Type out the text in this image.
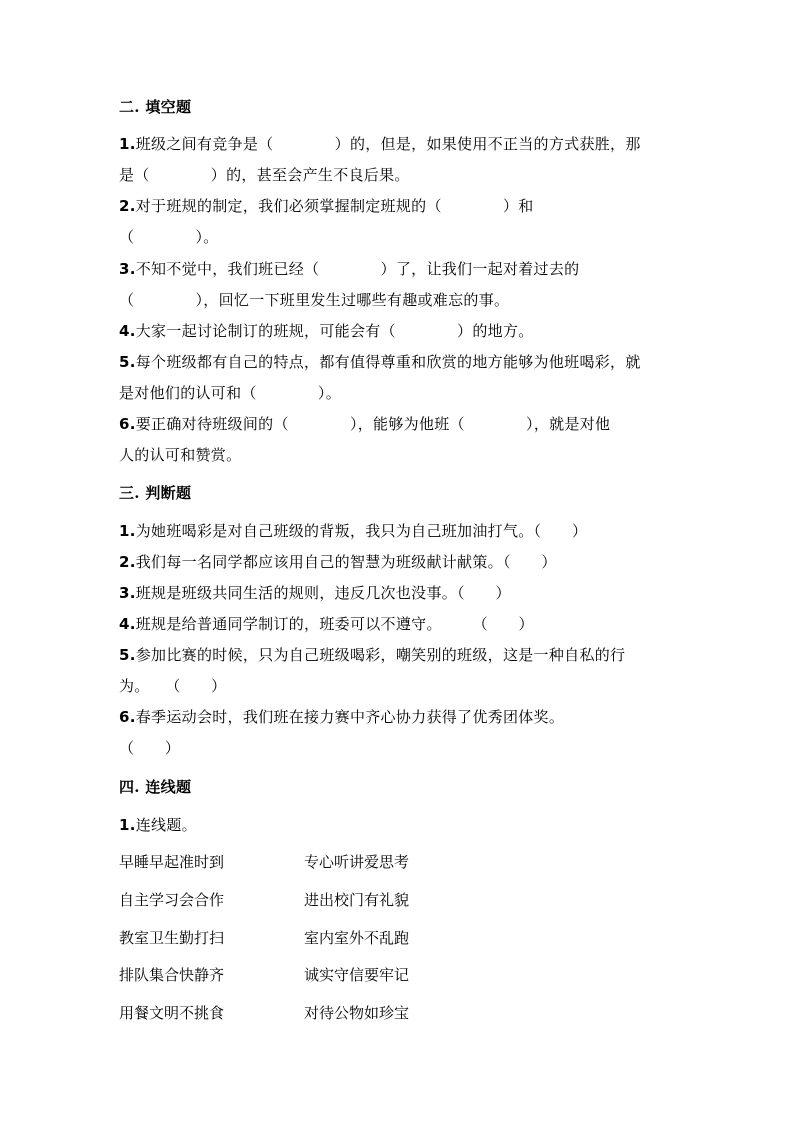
二. 填空题
1.班级之间有竞争是（　　　　）的，但是，如果使用不正当的方式获胜，那
是（　　　　）的，甚至会产生不良后果。
2.对于班规的制定，我们必须掌握制定班规的（　　　　）和
（　　　　）。
3.不知不觉中，我们班已经（　　　　）了，让我们一起对着过去的
（　　　　），回忆一下班里发生过哪些有趣或难忘的事。
4.大家一起讨论制订的班规，可能会有（　　　　）的地方。
5.每个班级都有自己的特点，都有值得尊重和欣赏的地方能够为他班喝彩，就
是对他们的认可和（　　　　）。
6.要正确对待班级间的（　　　　），能够为他班（　　　　），就是对他
人的认可和赞赏。
三. 判断题
1.为她班喝彩是对自己班级的背叛，我只为自己班加油打气。（　　）
2.我们每一名同学都应该用自己的智慧为班级献计献策。（　　）
3.班规是班级共同生活的规则，违反几次也没事。（　　）
4.班规是给普通同学制订的，班委可以不遵守。　　　（　　）
5.参加比赛的时候，只为自己班级喝彩，嘲笑别的班级，这是一种自私的行
为。　　（　　）
6.春季运动会时，我们班在接力赛中齐心协力获得了优秀团体奖。
（　　）
四. 连线题
1.连线题。
早睡早起准时到	专心听讲爱思考
自主学习会合作	进出校门有礼貌
教室卫生勤打扫	室内室外不乱跑
排队集合快静齐	诚实守信要牢记
用餐文明不挑食	对待公物如珍宝
